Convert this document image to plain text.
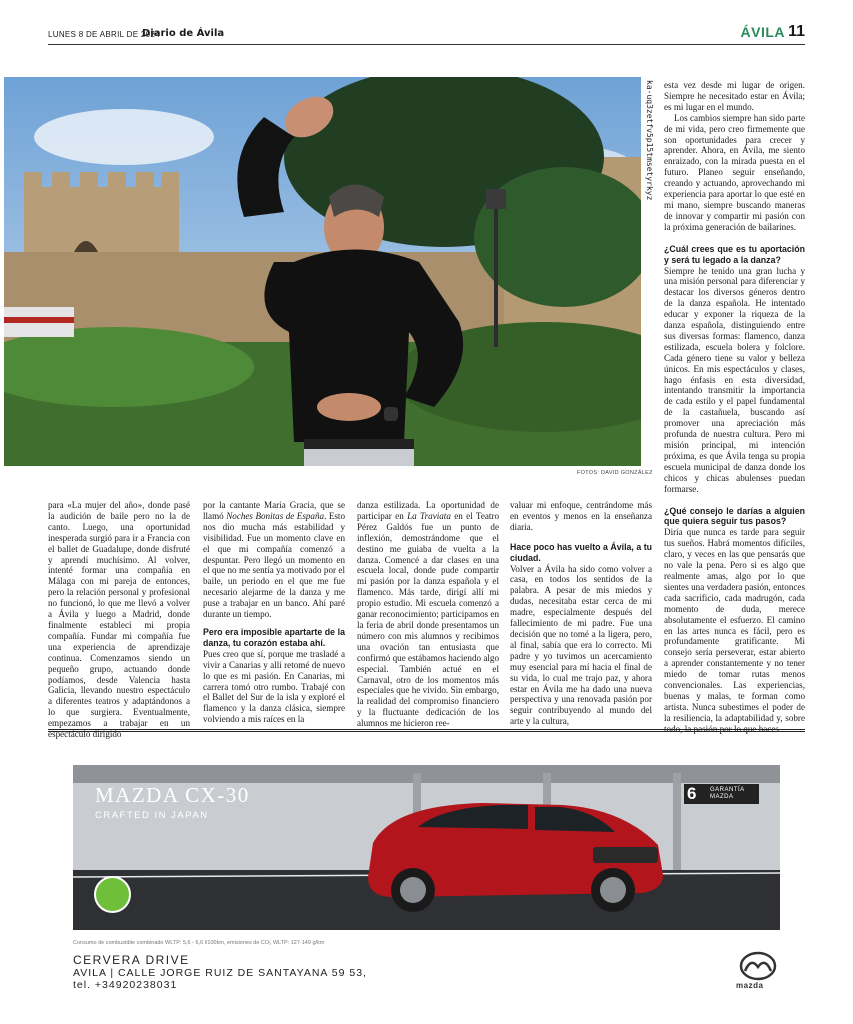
LUNES 8 DE ABRIL DE 2024
Diario de Ávila	ÁVILA 11
FOTOS: DAVID GONZÁLEZ
ka-uq3zetfv5p15tmsetyrkyz

para «La mujer del año», donde pasé la audición de baile pero no la de canto. Luego, una oportunidad inesperada surgió para ir a Francia con el ballet de Guadalupe, donde disfruté y aprendí muchísimo. Al volver, intenté formar una compañía en Málaga con mi pareja de entonces, pero la relación personal y profesional no funcionó, lo que me llevó a volver a Ávila y luego a Madrid, donde finalmente establecí mi propia compañía. Fundar mi compañía fue una experiencia de aprendizaje continua. Comenzamos siendo un pequeño grupo, actuando donde podíamos, desde Valencia hasta Galicia, llevando nuestro espectáculo a diferentes teatros y adaptándonos a lo que surgiera. Eventualmente, empezamos a trabajar en un espectáculo dirigido

por la cantante María Gracia, que se llamó Noches Bonitas de España. Esto nos dio mucha más estabilidad y visibilidad. Fue un momento clave en el que mi compañía comenzó a despuntar. Pero llegó un momento en el que no me sentía ya motivado por el baile, un periodo en el que me fue necesario alejarme de la danza y me puse a trabajar en un banco. Ahí paré durante un tiempo.

Pero era imposible apartarte de la danza, tu corazón estaba ahí.

Pues creo que sí, porque me trasladé a vivir a Canarias y allí retomé de nuevo lo que es mi pasión. En Canarias, mi carrera tomó otro rumbo. Trabajé con el Ballet del Sur de la isla y exploré el flamenco y la danza clásica, siempre volviendo a mis raíces en la

danza estilizada. La oportunidad de participar en La Traviata en el Teatro Pérez Galdós fue un punto de inflexión, demostrándome que el destino me guiaba de vuelta a la danza. Comencé a dar clases en una escuela local, donde pude compartir mi pasión por la danza española y el flamenco. Más tarde, dirigí allí mi propio estudio. Mi escuela comenzó a ganar reconocimiento; participamos en la feria de abril donde presentamos un número con mis alumnos y recibimos una ovación tan entusiasta que confirmó que estábamos haciendo algo especial. También actué en el Carnaval, otro de los momentos más especiales que he vivido. Sin embargo, la realidad del compromiso financiero y la fluctuante dedicación de los alumnos me hicieron ree-

valuar mi enfoque, centrándome más en eventos y menos en la enseñanza diaria.

Hace poco has vuelto a Ávila, a tu ciudad.

Volver a Ávila ha sido como volver a casa, en todos los sentidos de la palabra. A pesar de mis miedos y dudas, necesitaba estar cerca de mi madre, especialmente después del fallecimiento de mi padre. Fue una decisión que no tomé a la ligera, pero, al final, sabía que era lo correcto. Mi padre y yo tuvimos un acercamiento muy esencial para mí hacia el final de su vida, lo cual me trajo paz, y ahora estar en Ávila me ha dado una nueva perspectiva y una renovada pasión por seguir contribuyendo al mundo del arte y la cultura,

esta vez desde mi lugar de origen. Siempre he necesitado estar en Ávila; es mi lugar en el mundo.

Los cambios siempre han sido parte de mi vida, pero creo firmemente que son oportunidades para crecer y aprender. Ahora, en Ávila, me siento enraizado, con la mirada puesta en el futuro. Planeo seguir enseñando, creando y actuando, aprovechando mi experiencia para aportar lo que esté en mi mano, siempre buscando maneras de innovar y compartir mi pasión con la próxima generación de bailarines.

¿Cuál crees que es tu aportación y será tu legado a la danza?

Siempre he tenido una gran lucha y una misión personal para diferenciar y destacar los diversos géneros dentro de la danza española. He intentado educar y exponer la riqueza de la danza española, distinguiendo entre sus diversas formas: flamenco, danza estilizada, escuela bolera y folclore. Cada género tiene su valor y belleza únicos. En mis espectáculos y clases, hago énfasis en esta diversidad, intentando transmitir la importancia de cada estilo y el papel fundamental de la castañuela, buscando así promover una apreciación más profunda de nuestra cultura. Pero mi misión principal, mi intención próxima, es que Ávila tenga su propia escuela municipal de danza donde los chicos y chicas abulenses puedan formarse.

¿Qué consejo le darías a alguien que quiera seguir tus pasos?

Diría que nunca es tarde para seguir tus sueños. Habrá momentos difíciles, claro, y veces en las que pensarás que no vale la pena. Pero si es algo que realmente amas, algo por lo que sientes una verdadera pasión, entonces cada sacrificio, cada madrugón, cada momento de duda, merece absolutamente el esfuerzo. El camino en las artes nunca es fácil, pero es profundamente gratificante. Mi consejo sería perseverar, estar abierto a aprender constantemente y no tener miedo de tomar rutas menos convencionales. Las experiencias, buenas y malas, te forman como artista. Nunca subestimes el poder de la resiliencia, la adaptabilidad y, sobre todo, la pasión por lo que haces.

MAZDA CX-30
CRAFTED IN JAPAN
6 GARANTÍA MAZDA
Consumo de combustible combinado WLTP: 5,6 - 6,6 l/100km, emisiones de CO₂ WLTP: 127-149 g/km
CERVERA DRIVE
AVILA | CALLE JORGE RUIZ DE SANTAYANA 59 53,
tel. +34920238031	mazda
